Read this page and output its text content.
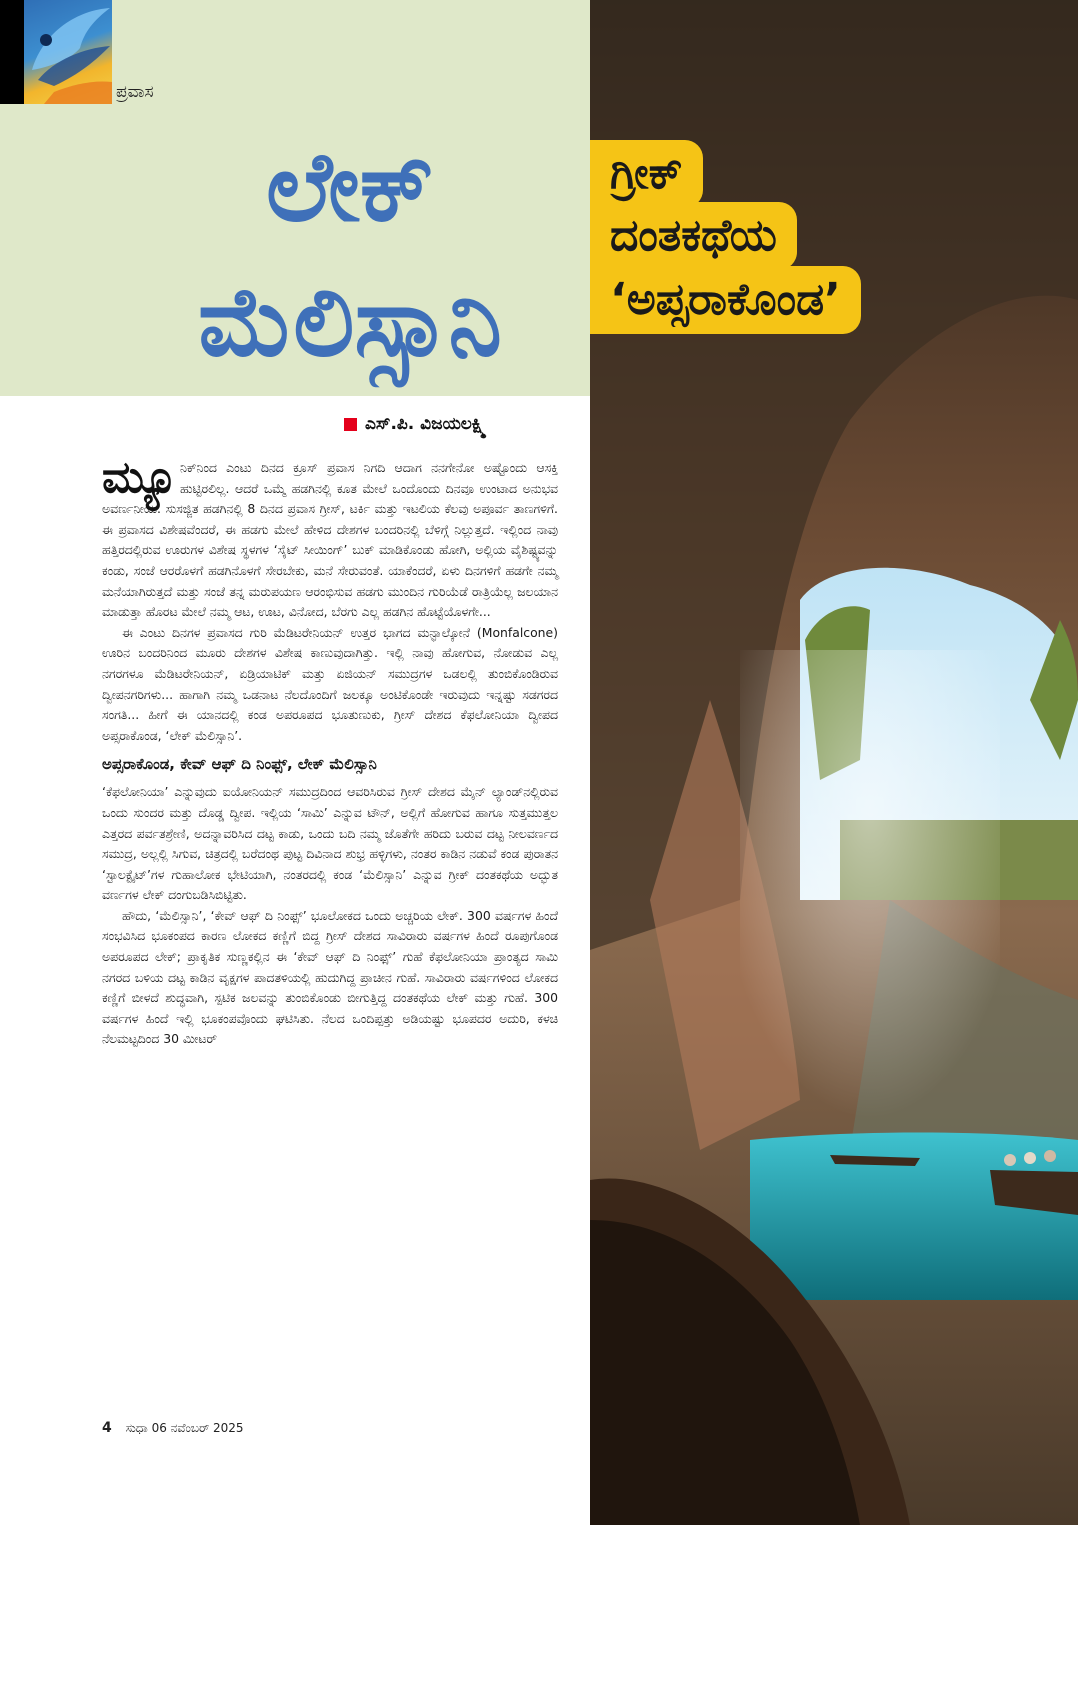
ಪ್ರವಾಸ
ಲೇಕ್
ಮೆಲಿಸ್ಸಾನಿ
ಗ್ರೀಕ್
ದಂತಕಥೆಯ
‘ಅಪ್ಸರಾಕೊಂಡ’
ಎಸ್.ಪಿ. ವಿಜಯಲಕ್ಷ್ಮಿ

ಮ್ಯೂ ನಿಕ್‌ನಿಂದ ಎಂಟು ದಿನದ ಕ್ರೂಸ್ ಪ್ರವಾಸ ನಿಗದಿ ಆದಾಗ ನನಗೇನೋ ಅಷ್ಟೊಂದು ಆಸಕ್ತಿ ಹುಟ್ಟಿರಲಿಲ್ಲ. ಆದರೆ ಒಮ್ಮೆ ಹಡಗಿನಲ್ಲಿ ಕೂತ ಮೇಲೆ ಒಂದೊಂದು ದಿನವೂ ಉಂಟಾದ ಅನುಭವ ಅವರ್ಣನೀಯ. ಸುಸಜ್ಜಿತ ಹಡಗಿನಲ್ಲಿ 8 ದಿನದ ಪ್ರವಾಸ ಗ್ರೀಸ್, ಟರ್ಕಿ ಮತ್ತು ಇಟಲಿಯ ಕೆಲವು ಅಪೂರ್ವ ತಾಣಗಳಿಗೆ. ಈ ಪ್ರವಾಸದ ವಿಶೇಷವೆಂದರೆ, ಈ ಹಡಗು ಮೇಲೆ ಹೇಳಿದ ದೇಶಗಳ ಬಂದರಿನಲ್ಲಿ ಬೆಳಿಗ್ಗೆ ನಿಲ್ಲುತ್ತದೆ. ಇಲ್ಲಿಂದ ನಾವು ಹತ್ತಿರದಲ್ಲಿರುವ ಊರುಗಳ ವಿಶೇಷ ಸ್ಥಳಗಳ ‘ಸೈಟ್ ಸೀಯಿಂಗ್’ ಬುಕ್ ಮಾಡಿಕೊಂಡು ಹೋಗಿ, ಅಲ್ಲಿಯ ವೈಶಿಷ್ಟ್ಯವನ್ನು ಕಂಡು, ಸಂಜೆ ಆರರೊಳಗೆ ಹಡಗಿನೊಳಗೆ ಸೇರಬೇಕು, ಮನೆ ಸೇರುವಂತೆ. ಯಾಕೆಂದರೆ, ಏಳು ದಿನಗಳಿಗೆ ಹಡಗೇ ನಮ್ಮ ಮನೆಯಾಗಿರುತ್ತದೆ ಮತ್ತು ಸಂಜೆ ತನ್ನ ಮರುಪಯಣ ಆರಂಭಿಸುವ ಹಡಗು ಮುಂದಿನ ಗುರಿಯೆಡೆ ರಾತ್ರಿಯೆಲ್ಲ ಜಲಯಾನ ಮಾಡುತ್ತಾ ಹೊರಟ ಮೇಲೆ ನಮ್ಮ ಆಟ, ಊಟ, ವಿನೋದ, ಬೆರಗು ಎಲ್ಲ ಹಡಗಿನ ಹೊಟ್ಟೆಯೊಳಗೇ...

ಈ ಎಂಟು ದಿನಗಳ ಪ್ರವಾಸದ ಗುರಿ ಮೆಡಿಟರೇನಿಯನ್ ಉತ್ತರ ಭಾಗದ ಮನ್ಫಾಲ್ಕೋನೆ (Monfalcone) ಊರಿನ ಬಂದರಿನಿಂದ ಮೂರು ದೇಶಗಳ ವಿಶೇಷ ಕಾಣುವುದಾಗಿತ್ತು. ಇಲ್ಲಿ ನಾವು ಹೋಗುವ, ನೋಡುವ ಎಲ್ಲ ನಗರಗಳೂ ಮೆಡಿಟರೇನಿಯನ್, ಏಡ್ರಿಯಾಟಿಕ್ ಮತ್ತು ಏಜಿಯನ್ ಸಮುದ್ರಗಳ ಒಡಲಲ್ಲಿ ತುಂಬಿಕೊಂಡಿರುವ ದ್ವೀಪನಗರಿಗಳು... ಹಾಗಾಗಿ ನಮ್ಮ ಒಡನಾಟ ನೆಲದೊಂದಿಗೆ ಜಲಕ್ಕೂ ಅಂಟಿಕೊಂಡೇ ಇರುವುದು ಇನ್ನಷ್ಟು ಸಡಗರದ ಸಂಗತಿ... ಹೀಗೆ ಈ ಯಾನದಲ್ಲಿ ಕಂಡ ಅಪರೂಪದ ಭೂತುಣುಕು, ಗ್ರೀಸ್ ದೇಶದ ಕೆಫಲೋನಿಯಾ ದ್ವೀಪದ ಅಪ್ಸರಾಕೊಂಡ, ‘ಲೇಕ್ ಮೆಲಿಸ್ಸಾನಿ’.

ಅಪ್ಸರಾಕೊಂಡ, ಕೇವ್ ಆಫ್ ದಿ ನಿಂಫ್ಸ್, ಲೇಕ್ ಮೆಲಿಸ್ಸಾನಿ

‘ಕೆಫಲೋನಿಯಾ’ ಎನ್ನುವುದು ಐಯೋನಿಯನ್ ಸಮುದ್ರದಿಂದ ಆವರಿಸಿರುವ ಗ್ರೀಸ್ ದೇಶದ ಮೈನ್ ಲ್ಯಾಂಡ್‌ನಲ್ಲಿರುವ ಒಂದು ಸುಂದರ ಮತ್ತು ದೊಡ್ಡ ದ್ವೀಪ. ಇಲ್ಲಿಯ ‘ಸಾಮಿ’ ಎನ್ನುವ ಟೌನ್, ಅಲ್ಲಿಗೆ ಹೋಗುವ ಹಾಗೂ ಸುತ್ತಮುತ್ತಲ ಎತ್ತರದ ಪರ್ವತಶ್ರೇಣಿ, ಅದನ್ನಾವರಿಸಿದ ದಟ್ಟ ಕಾಡು, ಒಂದು ಬದಿ ನಮ್ಮ ಜೊತೆಗೇ ಹರಿದು ಬರುವ ದಟ್ಟ ನೀಲವರ್ಣದ ಸಮುದ್ರ, ಅಲ್ಲಲ್ಲಿ ಸಿಗುವ, ಚಿತ್ರದಲ್ಲಿ ಬರೆದಂಥ ಪುಟ್ಟ ದಿವಿನಾದ ಶುಭ್ರ ಹಳ್ಳಿಗಳು, ನಂತರ ಕಾಡಿನ ನಡುವೆ ಕಂಡ ಪುರಾತನ ‘ಸ್ಟಾಲಕ್ಟೈಟ್’ಗಳ ಗುಹಾಲೋಕ ಭೇಟಿಯಾಗಿ, ನಂತರದಲ್ಲಿ ಕಂಡ ‘ಮೆಲಿಸ್ಸಾನಿ’ ಎನ್ನುವ ಗ್ರೀಕ್ ದಂತಕಥೆಯ ಅದ್ಭುತ ವರ್ಣಗಳ ಲೇಕ್ ದಂಗುಬಡಿಸಿಬಿಟ್ಟಿತು.

ಹೌದು, ‘ಮೆಲಿಸ್ಸಾನಿ’, ‘ಕೇವ್ ಆಫ್ ದಿ ನಿಂಫ್ಸ್’ ಭೂಲೋಕದ ಒಂದು ಅಚ್ಚರಿಯ ಲೇಕ್. 300 ವರ್ಷಗಳ ಹಿಂದೆ ಸಂಭವಿಸಿದ ಭೂಕಂಪದ ಕಾರಣ ಲೋಕದ ಕಣ್ಣಿಗೆ ಬಿದ್ದ ಗ್ರೀಸ್ ದೇಶದ ಸಾವಿರಾರು ವರ್ಷಗಳ ಹಿಂದೆ ರೂಪುಗೊಂಡ ಅಪರೂಪದ ಲೇಕ್; ಪ್ರಾಕೃತಿಕ ಸುಣ್ಣಕಲ್ಲಿನ ಈ ‘ಕೇವ್ ಆಫ್ ದಿ ನಿಂಫ್ಸ್’ ಗುಹೆ ಕೆಫಲೋನಿಯಾ ಪ್ರಾಂತ್ಯದ ಸಾಮಿ ನಗರದ ಬಳಿಯ ದಟ್ಟ ಕಾಡಿನ ವೃಕ್ಷಗಳ ಪಾದತಳಿಯಲ್ಲಿ ಹುದುಗಿದ್ದ ಪ್ರಾಚೀನ ಗುಹೆ. ಸಾವಿರಾರು ವರ್ಷಗಳಿಂದ ಲೋಕದ ಕಣ್ಣಿಗೆ ಬೀಳದೆ ಶುದ್ಧವಾಗಿ, ಸ್ಪಟಿಕ ಜಲವನ್ನು ತುಂಬಿಕೊಂಡು ಬೀಗುತ್ತಿದ್ದ ದಂತಕಥೆಯ ಲೇಕ್ ಮತ್ತು ಗುಹೆ. 300 ವರ್ಷಗಳ ಹಿಂದೆ ಇಲ್ಲಿ ಭೂಕಂಪವೊಂದು ಘಟಿಸಿತು. ನೆಲದ ಒಂದಿಪ್ಪತ್ತು ಅಡಿಯಷ್ಟು ಭೂಪದರ ಅದುರಿ, ಕಳಚಿ ನೆಲಮಟ್ಟದಿಂದ 30 ಮೀಟರ್

4 ಸುಧಾ 06 ನವೆಂಬರ್ 2025
